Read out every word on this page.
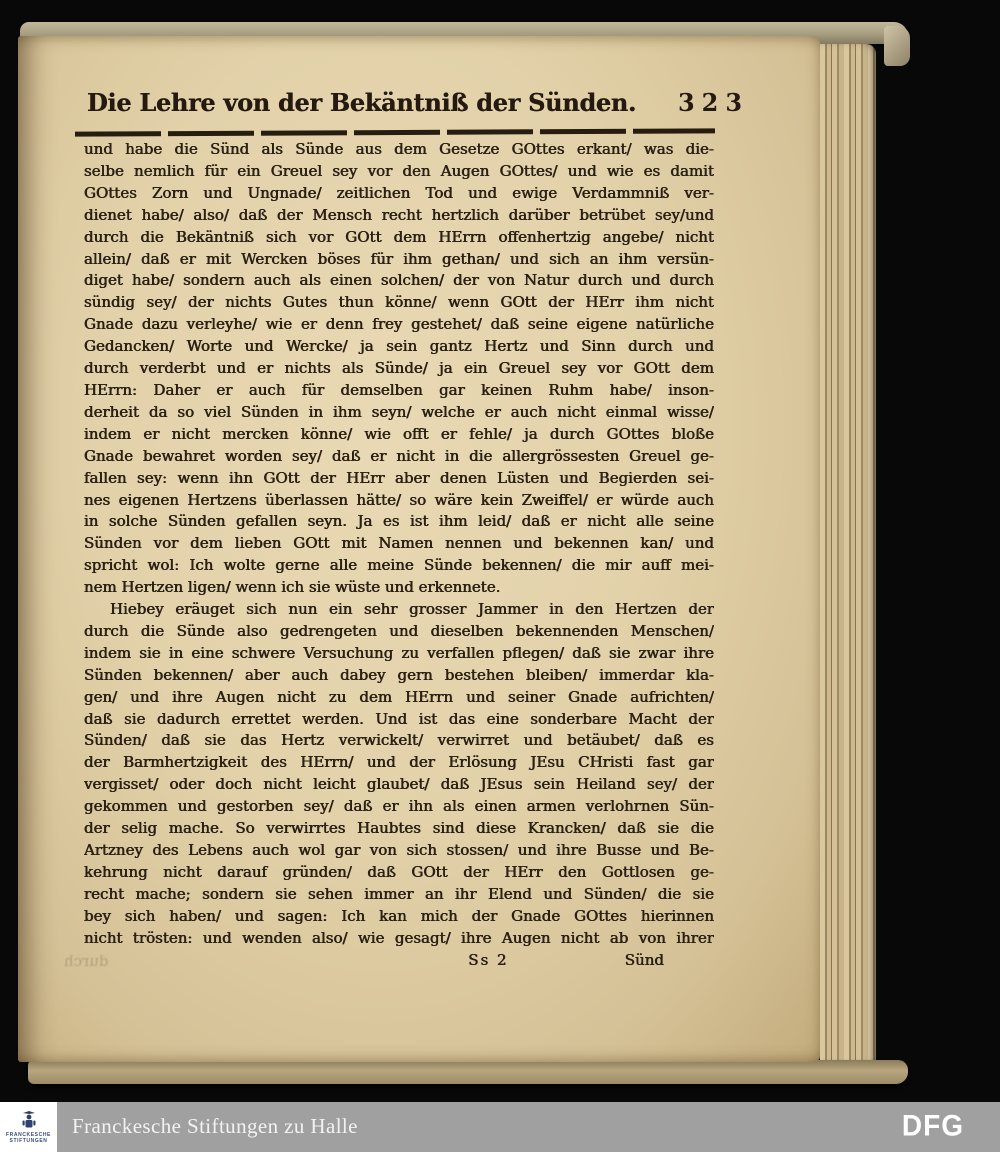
Die Lehre von der Bekäntniß der Sünden. 323
und habe die Sünd als Sünde aus dem Gesetze GOttes erkant/ was die-
selbe nemlich für ein Greuel sey vor den Augen GOttes/ und wie es damit
GOttes Zorn und Ungnade/ zeitlichen Tod und ewige Verdammniß ver-
dienet habe/ also/ daß der Mensch recht hertzlich darüber betrübet sey/und
durch die Bekäntniß sich vor GOtt dem HErrn offenhertzig angebe/ nicht
allein/ daß er mit Wercken böses für ihm gethan/ und sich an ihm versün-
diget habe/ sondern auch als einen solchen/ der von Natur durch und durch
sündig sey/ der nichts Gutes thun könne/ wenn GOtt der HErr ihm nicht
Gnade dazu verleyhe/ wie er denn frey gestehet/ daß seine eigene natürliche
Gedancken/ Worte und Wercke/ ja sein gantz Hertz und Sinn durch und
durch verderbt und er nichts als Sünde/ ja ein Greuel sey vor GOtt dem
HErrn: Daher er auch für demselben gar keinen Ruhm habe/ inson-
derheit da so viel Sünden in ihm seyn/ welche er auch nicht einmal wisse/
indem er nicht mercken könne/ wie offt er fehle/ ja durch GOttes bloße
Gnade bewahret worden sey/ daß er nicht in die allergrössesten Greuel ge-
fallen sey: wenn ihn GOtt der HErr aber denen Lüsten und Begierden sei-
nes eigenen Hertzens überlassen hätte/ so wäre kein Zweiffel/ er würde auch
in solche Sünden gefallen seyn. Ja es ist ihm leid/ daß er nicht alle seine
Sünden vor dem lieben GOtt mit Namen nennen und bekennen kan/ und
spricht wol: Ich wolte gerne alle meine Sünde bekennen/ die mir auff mei-
nem Hertzen ligen/ wenn ich sie wüste und erkennete.
Hiebey eräuget sich nun ein sehr grosser Jammer in den Hertzen der
durch die Sünde also gedrengeten und dieselben bekennenden Menschen/
indem sie in eine schwere Versuchung zu verfallen pflegen/ daß sie zwar ihre
Sünden bekennen/ aber auch dabey gern bestehen bleiben/ immerdar kla-
gen/ und ihre Augen nicht zu dem HErrn und seiner Gnade aufrichten/
daß sie dadurch errettet werden. Und ist das eine sonderbare Macht der
Sünden/ daß sie das Hertz verwickelt/ verwirret und betäubet/ daß es
der Barmhertzigkeit des HErrn/ und der Erlösung JEsu CHristi fast gar
vergisset/ oder doch nicht leicht glaubet/ daß JEsus sein Heiland sey/ der
gekommen und gestorben sey/ daß er ihn als einen armen verlohrnen Sün-
der selig mache. So verwirrtes Haubtes sind diese Krancken/ daß sie die
Artzney des Lebens auch wol gar von sich stossen/ und ihre Busse und Be-
kehrung nicht darauf gründen/ daß GOtt der HErr den Gottlosen ge-
recht mache; sondern sie sehen immer an ihr Elend und Sünden/ die sie
bey sich haben/ und sagen: Ich kan mich der Gnade GOttes hierinnen
nicht trösten: und wenden also/ wie gesagt/ ihre Augen nicht ab von ihrer
Ss 2	Sünd
durch
FRANCKESCHE
STIFTUNGEN
Franckesche Stiftungen zu Halle	DFG
